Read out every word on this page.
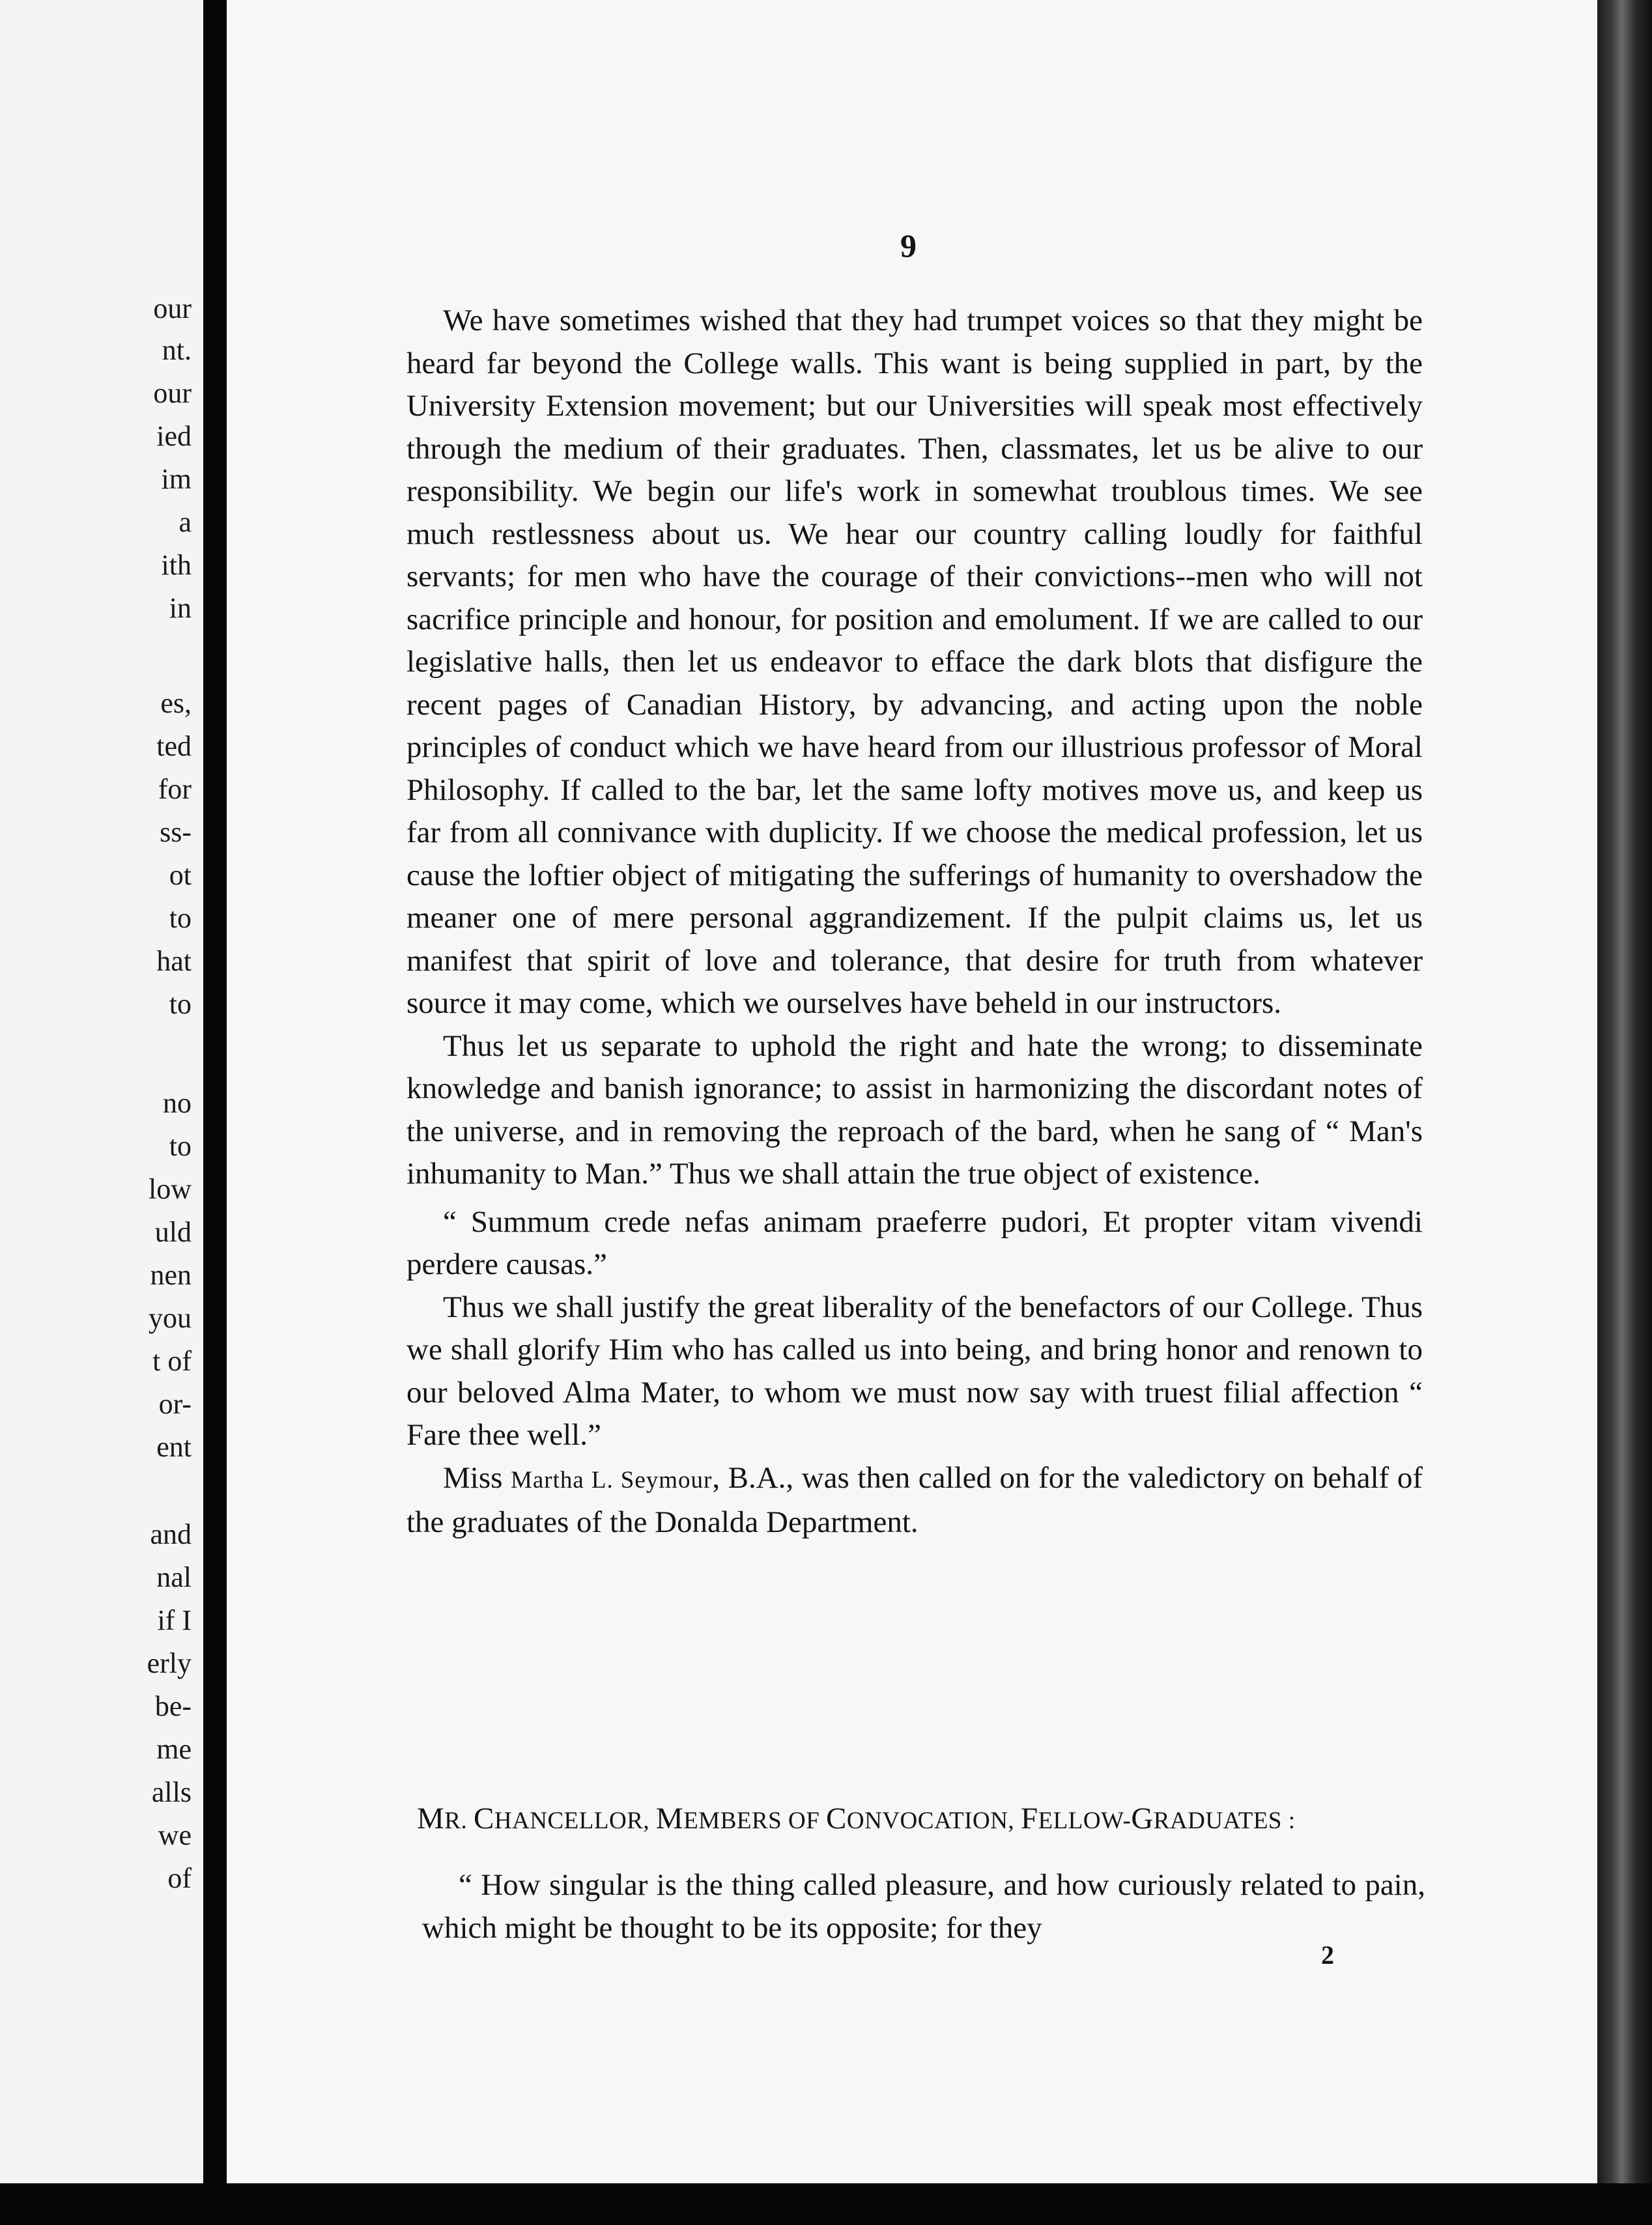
our
nt.
our
ied
im
a
ith
in
es,
ted
for
ss-
ot
to
hat
to
no
to
low
uld
nen
you
t of
or-
ent
and
nal
if I
erly
be-
me
alls
we
of
9

We have sometimes wished that they had trumpet voices so that they might be heard far beyond the College walls. This want is being supplied in part, by the University Extension movement; but our Universities will speak most effectively through the medium of their graduates. Then, classmates, let us be alive to our responsibility. We begin our life's work in somewhat troublous times. We see much restlessness about us. We hear our country calling loudly for faithful servants; for men who have the courage of their convictions--men who will not sacrifice principle and honour, for position and emolument. If we are called to our legislative halls, then let us endeavor to efface the dark blots that disfigure the recent pages of Canadian History, by advancing, and acting upon the noble principles of conduct which we have heard from our illustrious professor of Moral Philosophy. If called to the bar, let the same lofty motives move us, and keep us far from all connivance with duplicity. If we choose the medical profession, let us cause the loftier object of mitigating the sufferings of humanity to overshadow the meaner one of mere personal aggrandizement. If the pulpit claims us, let us manifest that spirit of love and tolerance, that desire for truth from whatever source it may come, which we ourselves have beheld in our instructors.

Thus let us separate to uphold the right and hate the wrong; to disseminate knowledge and banish ignorance; to assist in harmonizing the discordant notes of the universe, and in removing the reproach of the bard, when he sang of “ Man's inhumanity to Man.” Thus we shall attain the true object of existence.

“ Summum crede nefas animam praeferre pudori, Et propter vitam vivendi perdere causas.”

Thus we shall justify the great liberality of the benefactors of our College. Thus we shall glorify Him who has called us into being, and bring honor and renown to our beloved Alma Mater, to whom we must now say with truest filial affection “ Fare thee well.”

Miss Martha L. Seymour, B.A., was then called on for the valedictory on behalf of the graduates of the Donalda Department.

MR. CHANCELLOR, MEMBERS OF CONVOCATION, FELLOW-GRADUATES :

“ How singular is the thing called pleasure, and how curiously related to pain, which might be thought to be its opposite; for they

2
